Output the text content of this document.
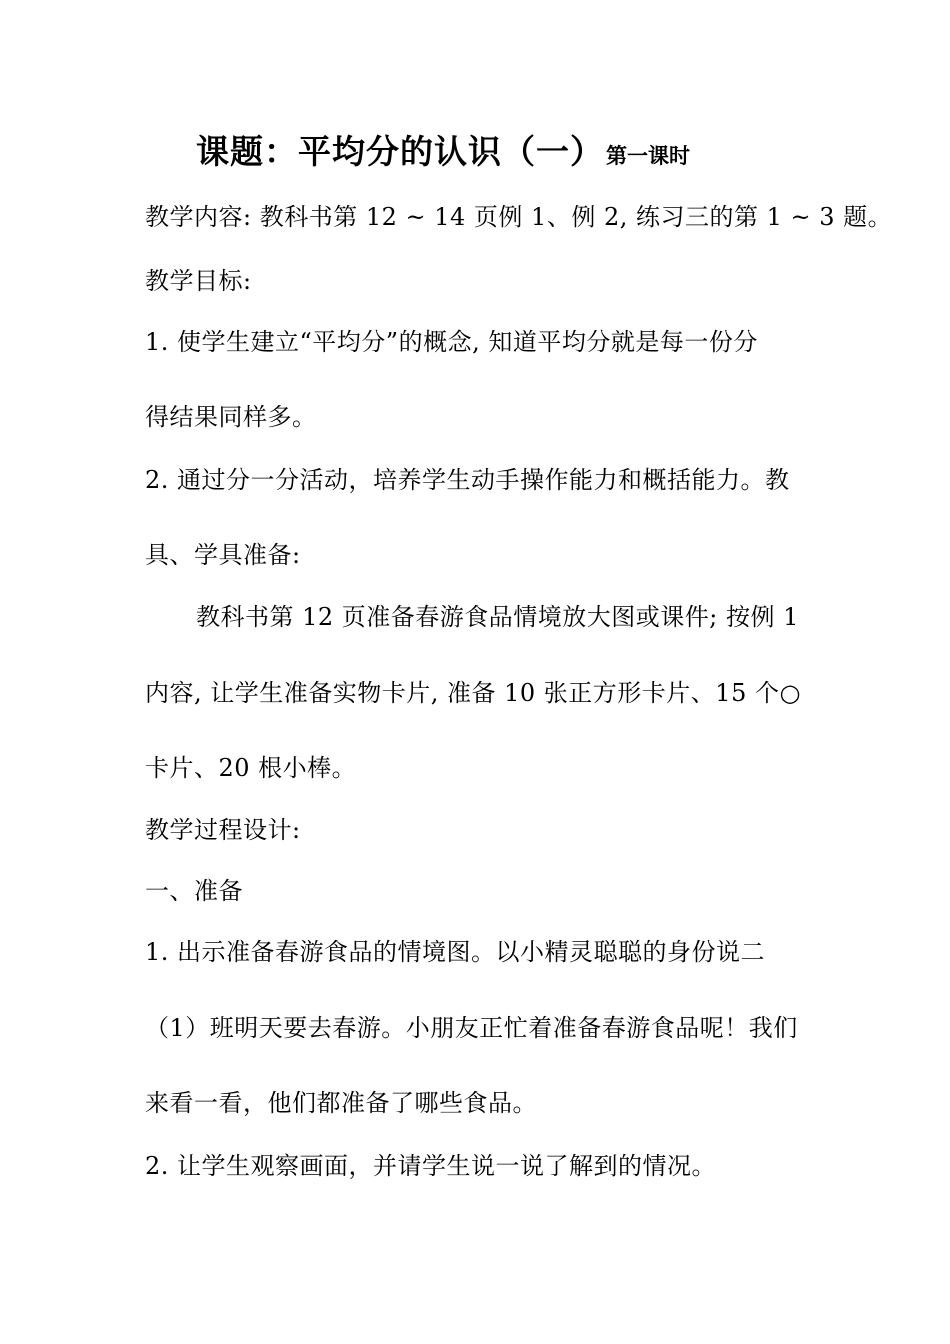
课题：平均分的认识（一）第一课时
教学内容: 教科书第 12 ~ 14 页例 1、例 2, 练习三的第 1 ~ 3 题。
教学目标:
1. 使学生建立“平均分”的概念, 知道平均分就是每一份分
得结果同样多。
2. 通过分一分活动，培养学生动手操作能力和概括能力。教
具、学具准备:
教科书第 12 页准备春游食品情境放大图或课件; 按例 1
内容, 让学生准备实物卡片, 准备 10 张正方形卡片、15 个○
卡片、20 根小棒。
教学过程设计:
一、准备
1. 出示准备春游食品的情境图。以小精灵聪聪的身份说二
（1）班明天要去春游。小朋友正忙着准备春游食品呢！我们
来看一看，他们都准备了哪些食品。
2. 让学生观察画面，并请学生说一说了解到的情况。
